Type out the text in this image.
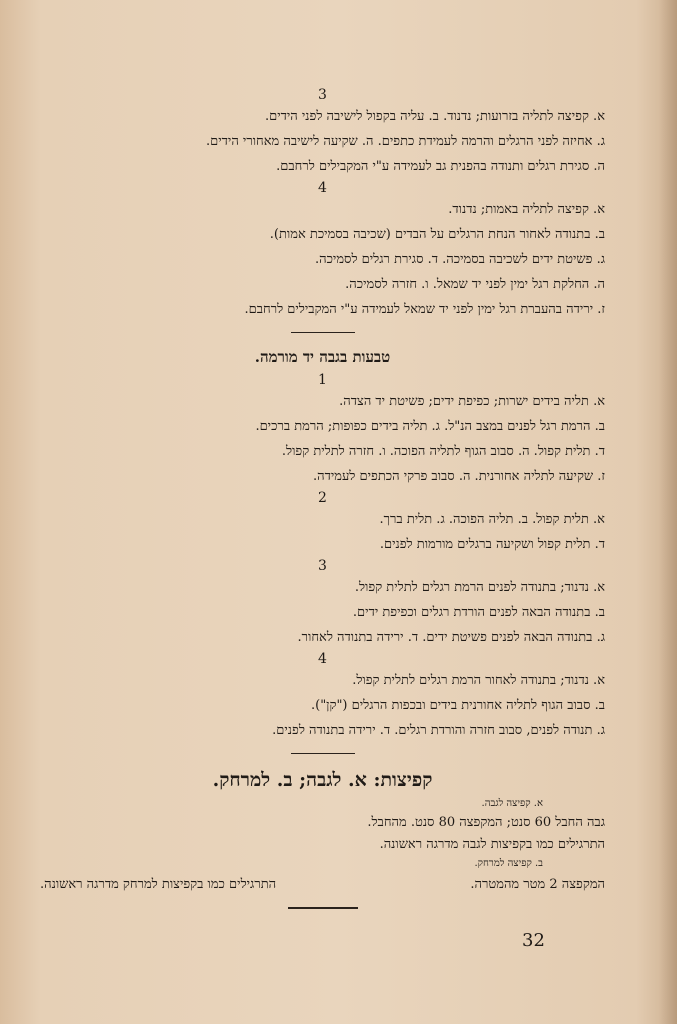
3
א. קפיצה לתליה בזרועות; נדנוד. ב. עליה בקפול לישיבה לפני הידים.
ג. אחיזה לפני הרגלים והרמה לעמידת כתפים. ה. שקיעה לישיבה מאחורי הידים.
ה. סגירת רגלים ותנודה בהפנית גב לעמידה ע"י המקבילים לרחבם.
4
א. קפיצה לתליה באמות; נדנוד.
ב. בתנודה לאחור הנחת הרגלים על הבדים (שכיבה בסמיכת אמות).
ג. פשיטת ידים לשכיבה בסמיכה. ד. סגירת רגלים לסמיכה.
ה. החלקת רגל ימין לפני יד שמאל. ו. חזרה לסמיכה.
ז. ירידה בהעברת רגל ימין לפני יד שמאל לעמידה ע"י המקבילים לרחבם.
טבעות בגבה יד מורמה.
1
א. תליה בידים ישרות; כפיפת ידים; פשיטת יד הצדה.
ב. הרמת רגל לפנים במצב הנ"ל. ג. תליה בידים כפופות; הרמת ברכים.
ד. תלית קפול. ה. סבוב הגוף לתליה הפוכה. ו. חזרה לתלית קפול.
ז. שקיעה לתליה אחורנית. ה. סבוב פרקי הכתפים לעמידה.
2
א. תלית קפול. ב. תליה הפוכה. ג. תלית ברך.
ד. תלית קפול ושקיעה ברגלים מורמות לפנים.
3
א. נדנוד; בתנודה לפנים הרמת רגלים לתלית קפול.
ב. בתנודה הבאה לפנים הורדת רגלים וכפיפת ידים.
ג. בתנודה הבאה לפנים פשיטת ידים. ד. ירידה בתנודה לאחור.
4
א. נדנוד; בתנודה לאחור הרמת רגלים לתלית קפול.
ב. סבוב הגוף לתליה אחורנית בידים ובכפות הרגלים ("קן").
ג. תנודה לפנים, סבוב חזרה והורדת רגלים. ד. ירידה בתנודה לפנים.
קפיצות: א. לגבה; ב. למרחק.
א. קפיצה לגבה.
גבה החבל 60 סנט; המקפצה 80 סנט. מהחבל.
התרגילים כמו בקפיצות לגבה מדרגה ראשונה.
ב. קפיצה למרחק.
המקפצה 2 מטר מהמטרה.
התרגילים כמו בקפיצות למרחק מדרגה ראשונה.
32
